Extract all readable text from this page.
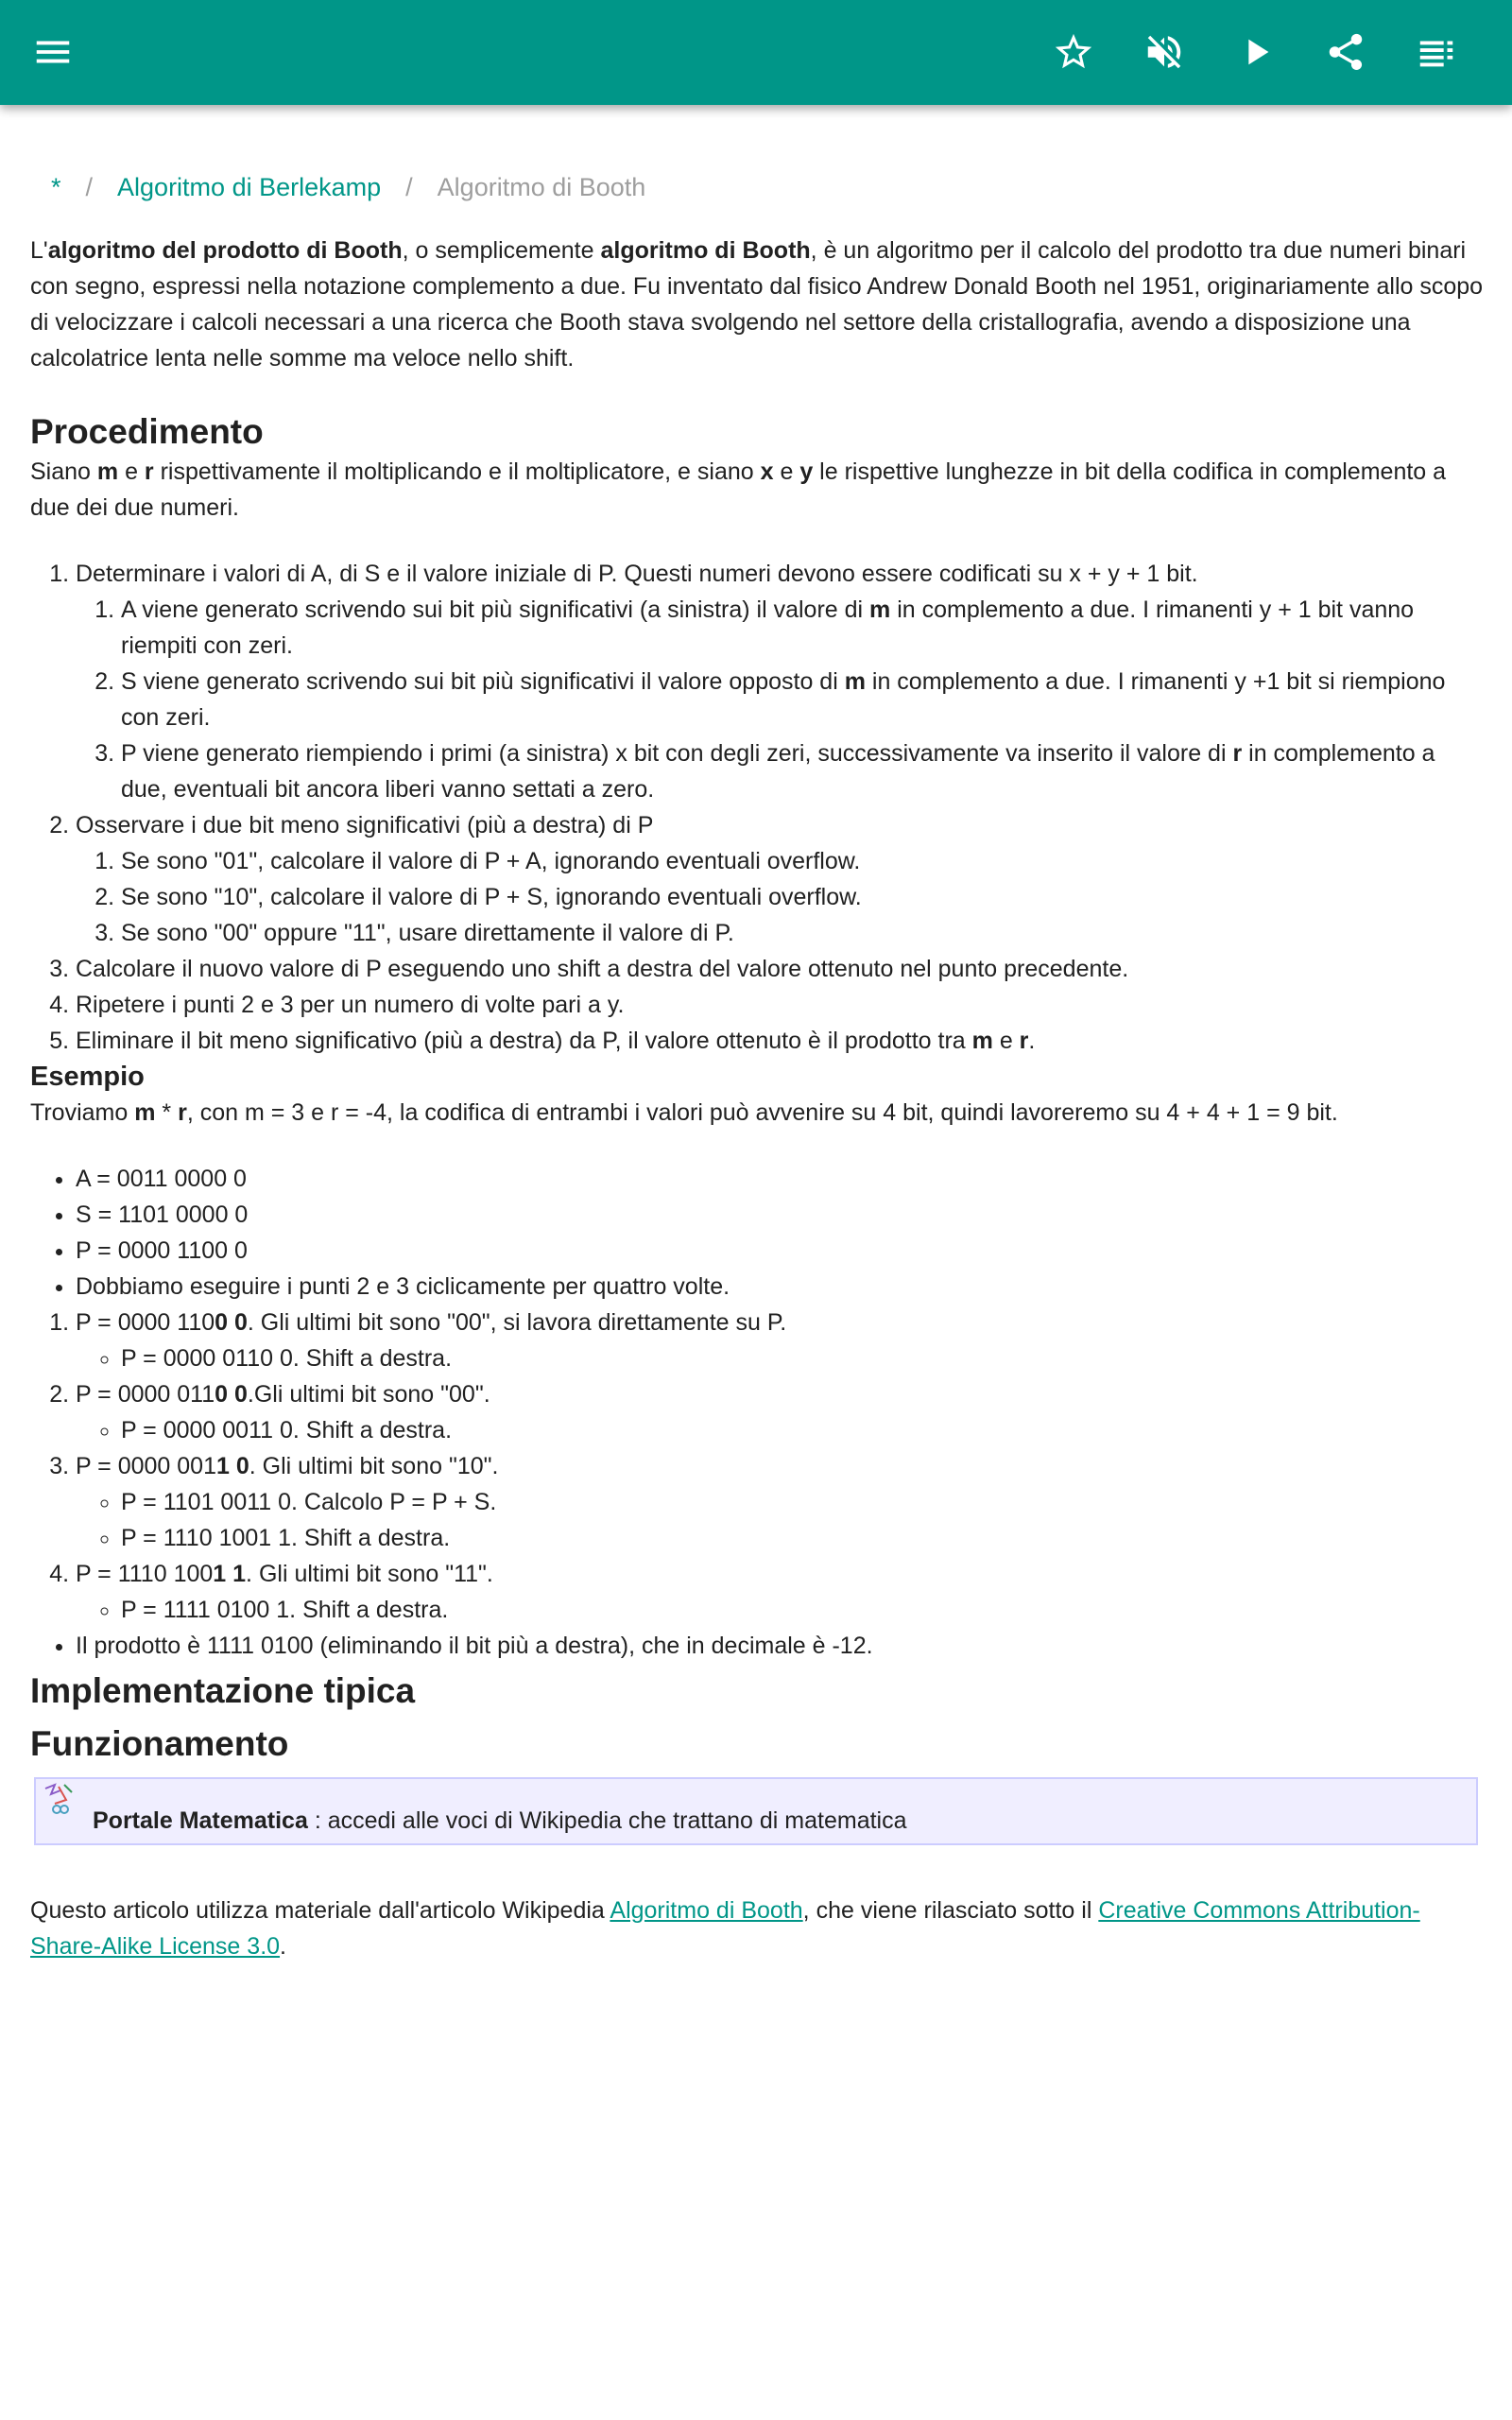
* / Algoritmo di Berlekamp / Algoritmo di Booth

L'algoritmo del prodotto di Booth, o semplicemente algoritmo di Booth, è un algoritmo per il calcolo del prodotto tra due numeri binari con segno, espressi nella notazione complemento a due. Fu inventato dal fisico Andrew Donald Booth nel 1951, originariamente allo scopo di velocizzare i calcoli necessari a una ricerca che Booth stava svolgendo nel settore della cristallografia, avendo a disposizione una calcolatrice lenta nelle somme ma veloce nello shift.

Procedimento

Siano m e r rispettivamente il moltiplicando e il moltiplicatore, e siano x e y le rispettive lunghezze in bit della codifica in complemento a due dei due numeri.

1. Determinare i valori di A, di S e il valore iniziale di P. Questi numeri devono essere codificati su x + y + 1 bit.
1. A viene generato scrivendo sui bit più significativi (a sinistra) il valore di m in complemento a due. I rimanenti y + 1 bit vanno riempiti con zeri.
2. S viene generato scrivendo sui bit più significativi il valore opposto di m in complemento a due. I rimanenti y +1 bit si riempiono con zeri.
3. P viene generato riempiendo i primi (a sinistra) x bit con degli zeri, successivamente va inserito il valore di r in complemento a due, eventuali bit ancora liberi vanno settati a zero.
2. Osservare i due bit meno significativi (più a destra) di P
1. Se sono "01", calcolare il valore di P + A, ignorando eventuali overflow.
2. Se sono "10", calcolare il valore di P + S, ignorando eventuali overflow.
3. Se sono "00" oppure "11", usare direttamente il valore di P.
3. Calcolare il nuovo valore di P eseguendo uno shift a destra del valore ottenuto nel punto precedente.
4. Ripetere i punti 2 e 3 per un numero di volte pari a y.
5. Eliminare il bit meno significativo (più a destra) da P, il valore ottenuto è il prodotto tra m e r.
Esempio

Troviamo m * r, con m = 3 e r = -4, la codifica di entrambi i valori può avvenire su 4 bit, quindi lavoreremo su 4 + 4 + 1 = 9 bit.

• A = 0011 0000 0
• S = 1101 0000 0
• P = 0000 1100 0
• Dobbiamo eseguire i punti 2 e 3 ciclicamente per quattro volte.
1. P = 0000 1100 0. Gli ultimi bit sono "00", si lavora direttamente su P.
◦ P = 0000 0110 0. Shift a destra.
2. P = 0000 0110 0.Gli ultimi bit sono "00".
◦ P = 0000 0011 0. Shift a destra.
3. P = 0000 0011 0. Gli ultimi bit sono "10".
◦ P = 1101 0011 0. Calcolo P = P + S.
◦ P = 1110 1001 1. Shift a destra.
4. P = 1110 1001 1. Gli ultimi bit sono "11".
◦ P = 1111 0100 1. Shift a destra.
• Il prodotto è 1111 0100 (eliminando il bit più a destra), che in decimale è -12.
Implementazione tipica
Funzionamento
Portale Matematica : accedi alle voci di Wikipedia che trattano di matematica

Questo articolo utilizza materiale dall'articolo Wikipedia Algoritmo di Booth, che viene rilasciato sotto il Creative Commons Attribution-Share-Alike License 3.0.
